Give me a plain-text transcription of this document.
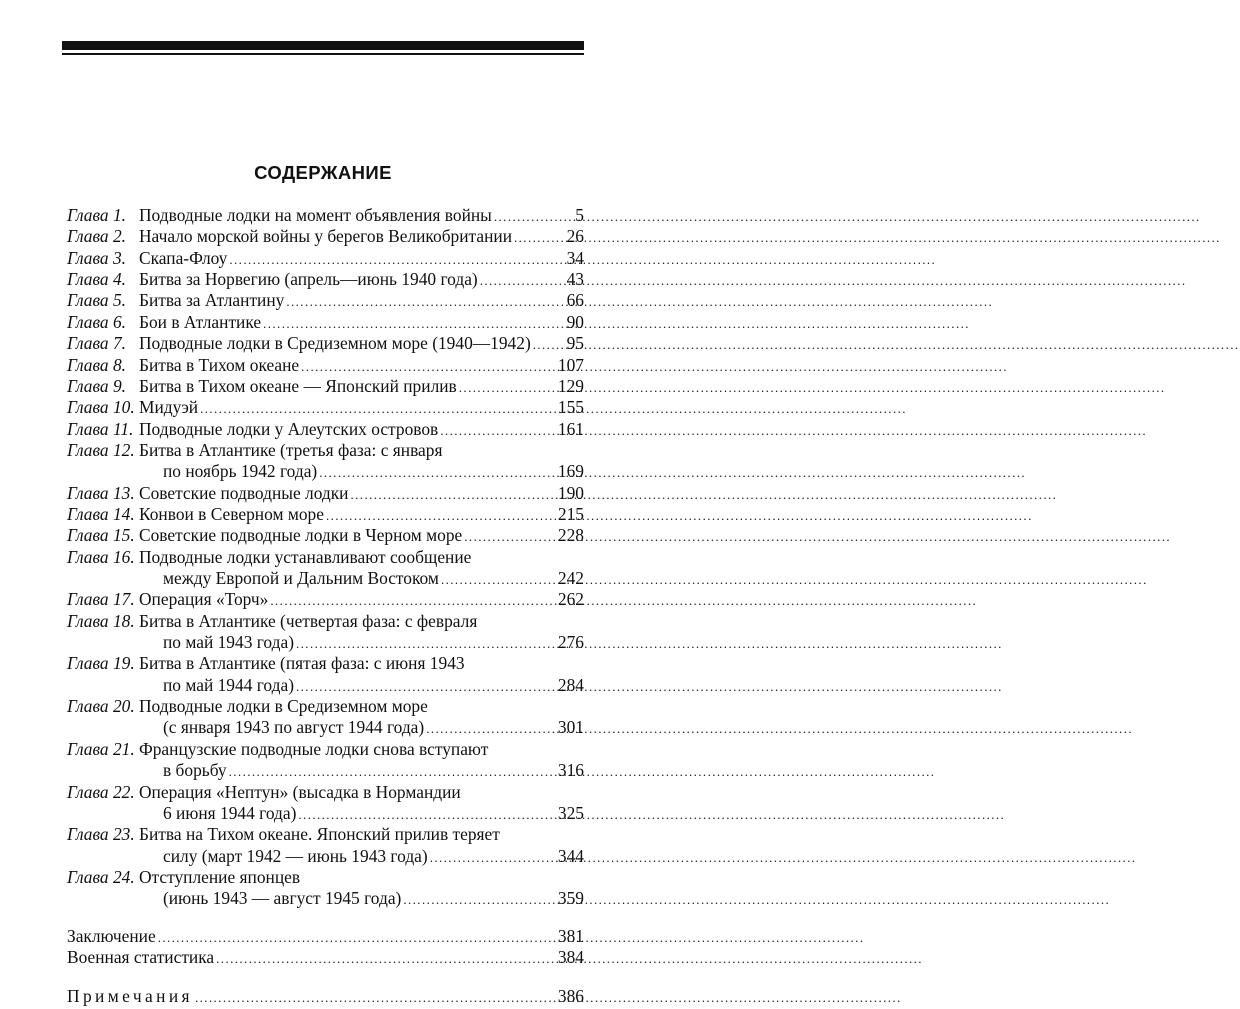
СОДЕРЖАНИЕ
Глава 1. Подводные лодки на момент объявления войны .....	5
Глава 2. Начало морской войны у берегов Великобритании .....	26
Глава 3. Скапа-Флоу .....	34
Глава 4. Битва за Норвегию (апрель—июнь 1940 года) .....	43
Глава 5. Битва за Атлантину .....	66
Глава 6. Бои в Атлантике .....	90
Глава 7. Подводные лодки в Средиземном море (1940—1942) ..... 95
Глава 8. Битва в Тихом океане .....	107
Глава 9. Битва в Тихом океане — Японский прилив .....	129
Глава 10. Мидуэй .....	155
Глава 11. Подводные лодки у Алеутских островов .....	161
Глава 12. Битва в Атлантике (третья фаза: с января
по ноябрь 1942 года) .....	169
Глава 13. Советские подводные лодки .....	190
Глава 14. Конвои в Северном море .....	215
Глава 15. Советские подводные лодки в Черном море .....	228
Глава 16. Подводные лодки устанавливают сообщение
между Европой и Дальним Востоком .....	242
Глава 17. Операция «Торч» .....	262
Глава 18. Битва в Атлантике (четвертая фаза: с февраля
по май 1943 года) .....	276
Глава 19. Битва в Атлантике (пятая фаза: с июня 1943
по май 1944 года) .....	284
Глава 20. Подводные лодки в Средиземном море
(с января 1943 по август 1944 года) .....	301
Глава 21. Французские подводные лодки снова вступают
в борьбу .....	316
Глава 22. Операция «Нептун» (высадка в Нормандии
6 июня 1944 года) .....	325
Глава 23. Битва на Тихом океане. Японский прилив теряет
силу (март 1942 — июнь 1943 года) .....	344
Глава 24. Отступление японцев
(июнь 1943 — август 1945 года) .....	359
Заключение .....	381
Военная статистика .....	384
Примечания .....	386
